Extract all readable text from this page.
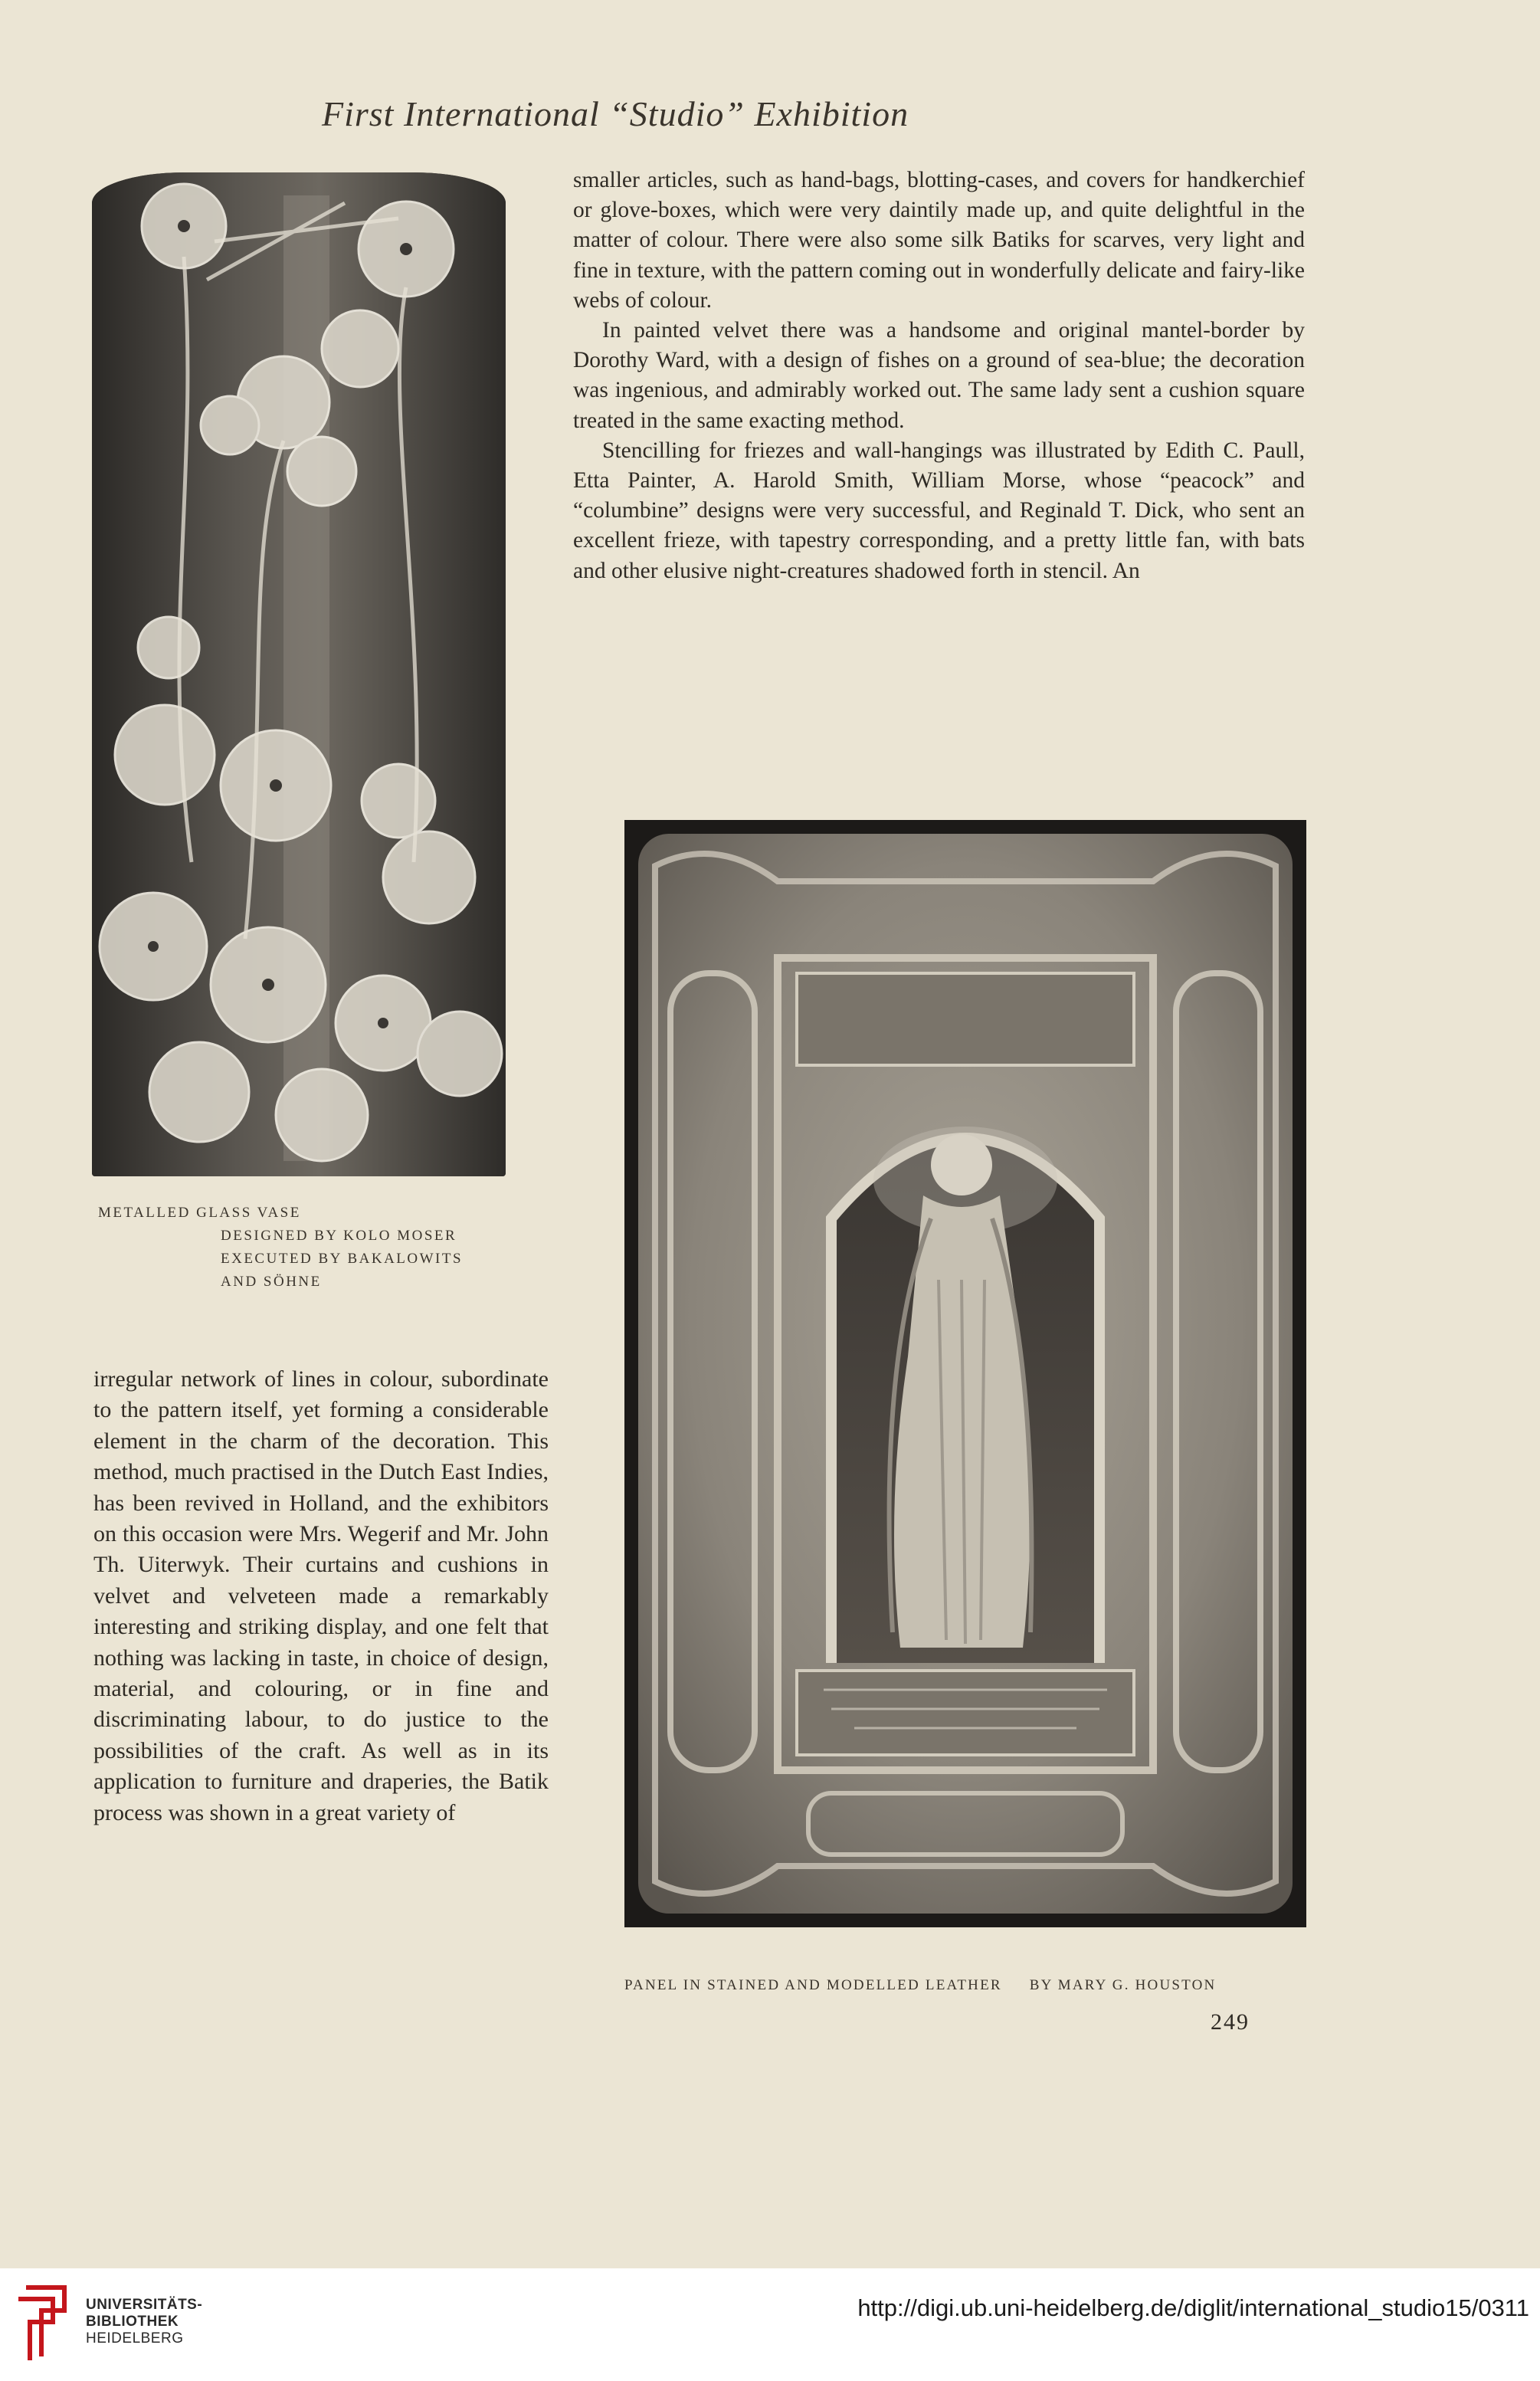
First International “Studio” Exhibition
METALLED GLASS VASE
DESIGNED BY KOLO MOSER
EXECUTED BY BAKALOWITS
AND SÖHNE

smaller articles, such as hand-bags, blotting-cases, and covers for handkerchief or glove-boxes, which were very daintily made up, and quite delightful in the matter of colour. There were also some silk Batiks for scarves, very light and fine in texture, with the pattern coming out in wonderfully delicate and fairy-like webs of colour.

In painted velvet there was a handsome and original mantel-border by Dorothy Ward, with a design of fishes on a ground of sea-blue; the decoration was ingenious, and admirably worked out. The same lady sent a cushion square treated in the same exacting method.

Stencilling for friezes and wall-hangings was illustrated by Edith C. Paull, Etta Painter, A. Harold Smith, William Morse, whose “peacock” and “columbine” designs were very successful, and Reginald T. Dick, who sent an excellent frieze, with tapestry corresponding, and a pretty little fan, with bats and other elusive night-creatures shadowed forth in stencil. An

irregular network of lines in colour, subordinate to the pattern itself, yet forming a considerable element in the charm of the decoration. This method, much practised in the Dutch East Indies, has been revived in Holland, and the exhibitors on this occasion were Mrs. Wegerif and Mr. John Th. Uiterwyk. Their curtains and cushions in velvet and velveteen made a remarkably interesting and striking display, and one felt that nothing was lacking in taste, in choice of design, material, and colouring, or in fine and discriminating labour, to do justice to the possibilities of the craft. As well as in its application to furniture and draperies, the Batik process was shown in a great variety of

PANEL IN STAINED AND MODELLED LEATHER BY MARY G. HOUSTON
249
UNIVERSITÄTS-
BIBLIOTHEK
HEIDELBERG
http://digi.ub.uni-heidelberg.de/diglit/international_studio15/0311
